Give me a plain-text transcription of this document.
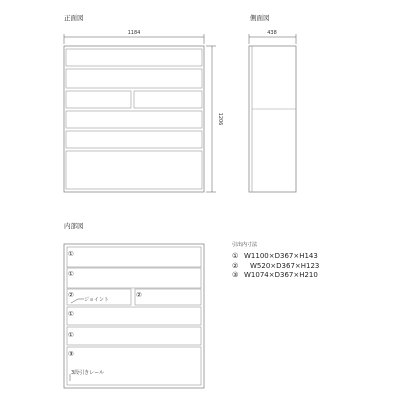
正面図
1184
1206
側面図
438
内部図
①
①
②	②
①
①
③
ジョイント
3段引きレール
引出内寸法
① W1100×D367×H143
② W520×D367×H123
③ W1074×D367×H210
